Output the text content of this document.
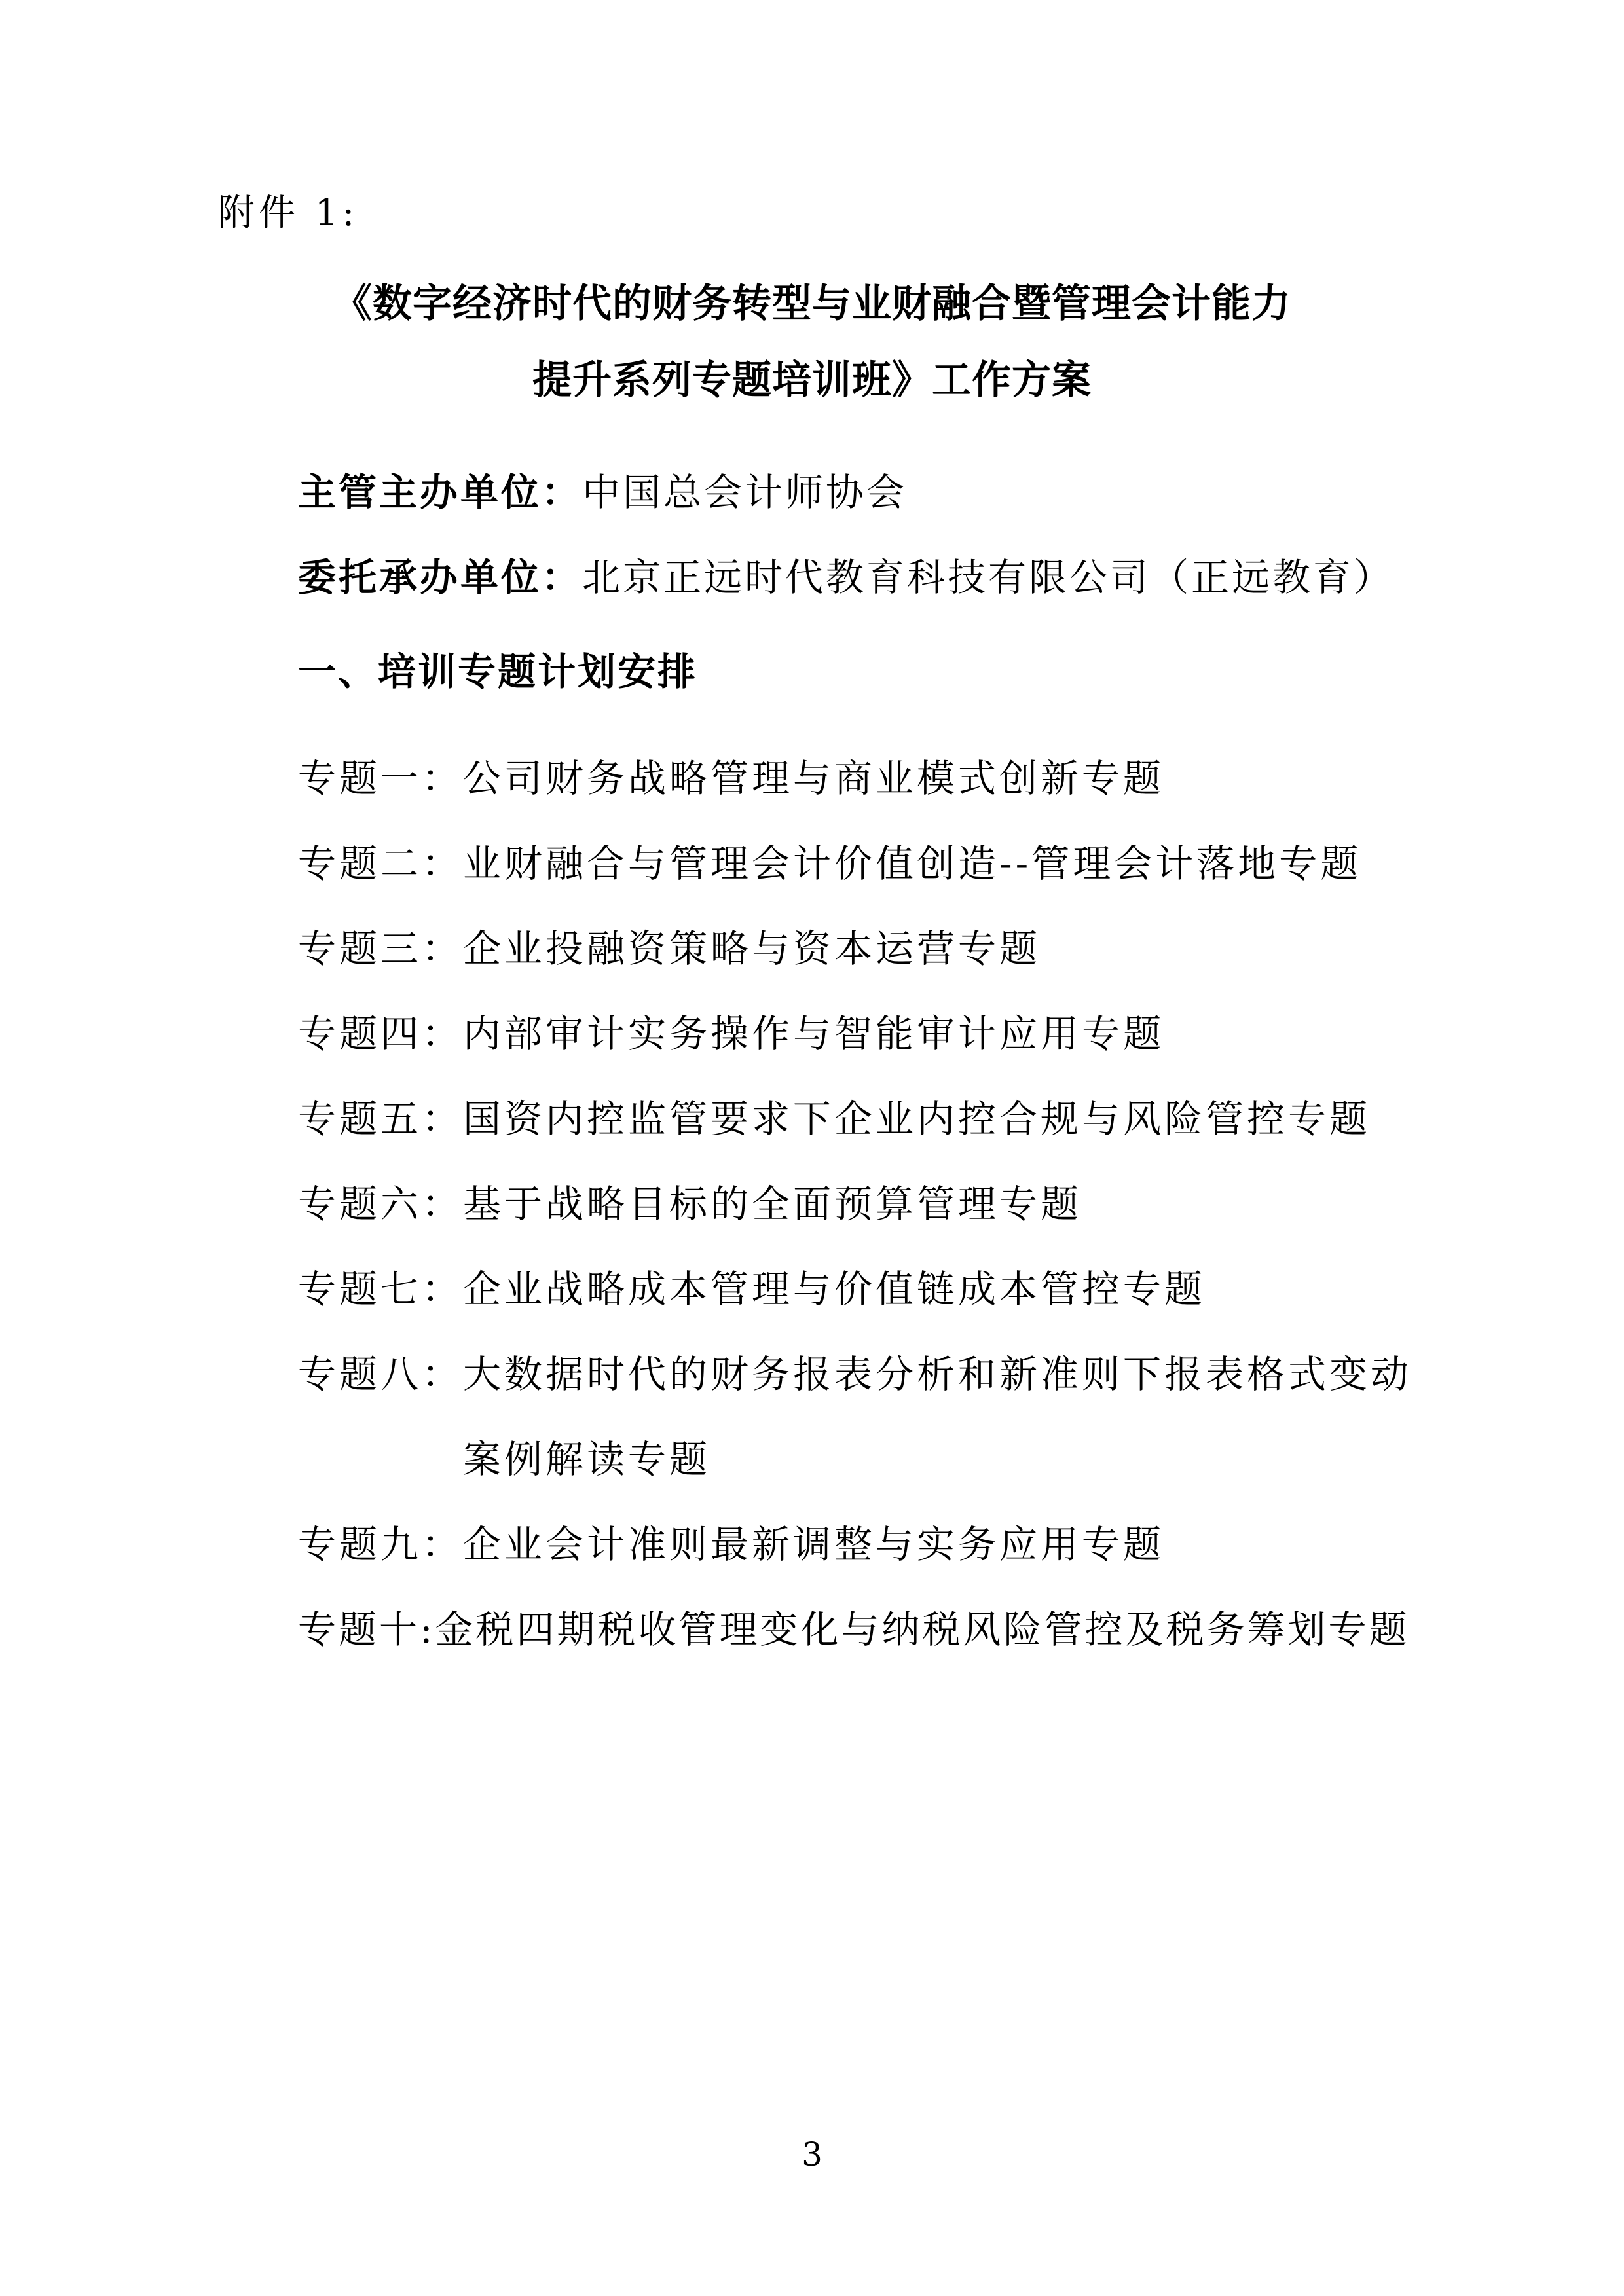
附件 1:
《数字经济时代的财务转型与业财融合暨管理会计能力
提升系列专题培训班》工作方案
主管主办单位：中国总会计师协会
委托承办单位：北京正远时代教育科技有限公司（正远教育）
一、培训专题计划安排
专题一：公司财务战略管理与商业模式创新专题
专题二：业财融合与管理会计价值创造--管理会计落地专题
专题三：企业投融资策略与资本运营专题
专题四：内部审计实务操作与智能审计应用专题
专题五：国资内控监管要求下企业内控合规与风险管控专题
专题六：基于战略目标的全面预算管理专题
专题七：企业战略成本管理与价值链成本管控专题
专题八：大数据时代的财务报表分析和新准则下报表格式变动
案例解读专题
专题九：企业会计准则最新调整与实务应用专题
专题十:金税四期税收管理变化与纳税风险管控及税务筹划专题
3
